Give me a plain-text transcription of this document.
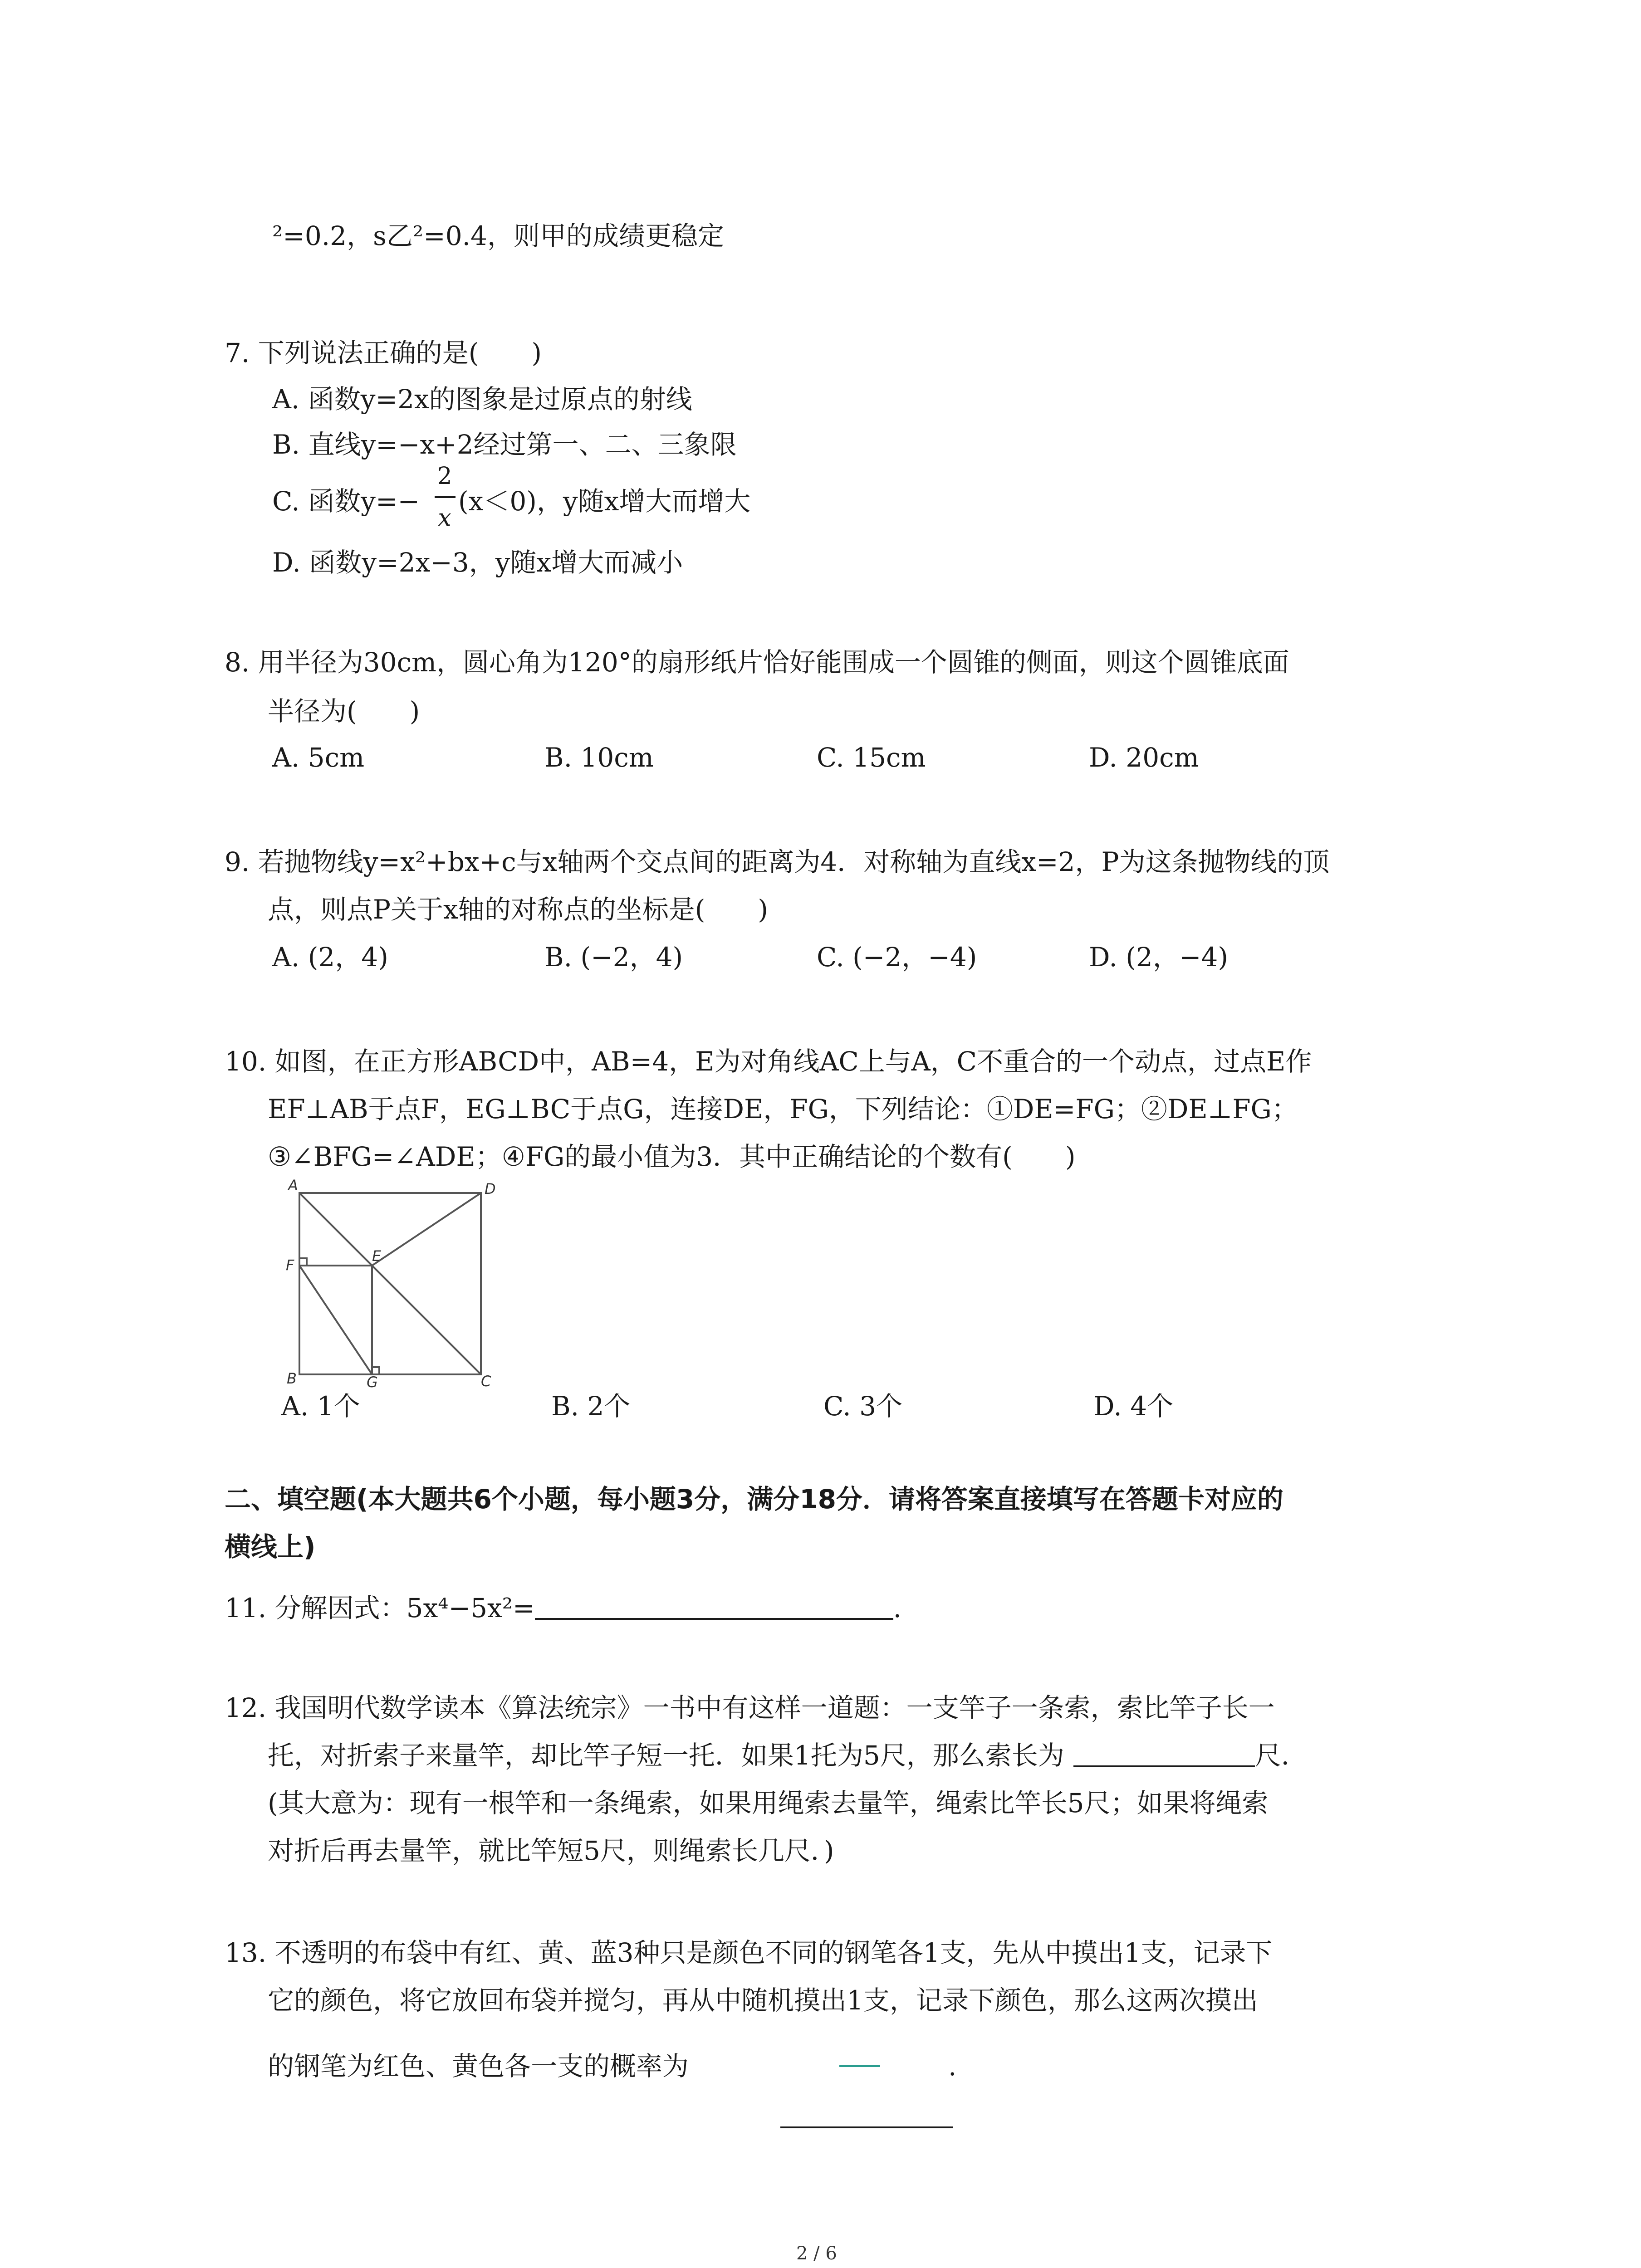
²=0.2，s乙²=0.4，则甲的成绩更稳定
7. 下列说法正确的是(　　)
A. 函数y=2x的图象是过原点的射线
B. 直线y=−x+2经过第一、二、三象限
C. 函数y=−
2
x
(x＜0)，y随x增大而增大
D. 函数y=2x−3，y随x增大而减小
8. 用半径为30cm，圆心角为120°的扇形纸片恰好能围成一个圆锥的侧面，则这个圆锥底面
半径为(　　)
A. 5cm	B. 10cm	C. 15cm	D. 20cm
9. 若抛物线y=x²+bx+c与x轴两个交点间的距离为4．对称轴为直线x=2，P为这条抛物线的顶
点，则点P关于x轴的对称点的坐标是(　　)
A. (2，4)	B. (−2，4)	C. (−2，−4)	D. (2，−4)
10. 如图，在正方形ABCD中，AB=4，E为对角线AC上与A，C不重合的一个动点，过点E作
EF⊥AB于点F，EG⊥BC于点G，连接DE，FG，下列结论：①DE=FG；②DE⊥FG；
③∠BFG=∠ADE；④FG的最小值为3．其中正确结论的个数有(　　)
A	D
E
F
B	G	C
A. 1个	B. 2个	C. 3个	D. 4个
二、填空题(本大题共6个小题，每小题3分，满分18分．请将答案直接填写在答题卡对应的
横线上)
11. 分解因式：5x⁴−5x²=	.
12. 我国明代数学读本《算法统宗》一书中有这样一道题：一支竿子一条索，索比竿子长一
托，对折索子来量竿，却比竿子短一托．如果1托为5尺，那么索长为	尺．
(其大意为：现有一根竿和一条绳索，如果用绳索去量竿，绳索比竿长5尺；如果将绳索
对折后再去量竿，就比竿短5尺，则绳索长几尺．)
13. 不透明的布袋中有红、黄、蓝3种只是颜色不同的钢笔各1支，先从中摸出1支，记录下
它的颜色，将它放回布袋并搅匀，再从中随机摸出1支，记录下颜色，那么这两次摸出
的钢笔为红色、黄色各一支的概率为	.
2 / 6
